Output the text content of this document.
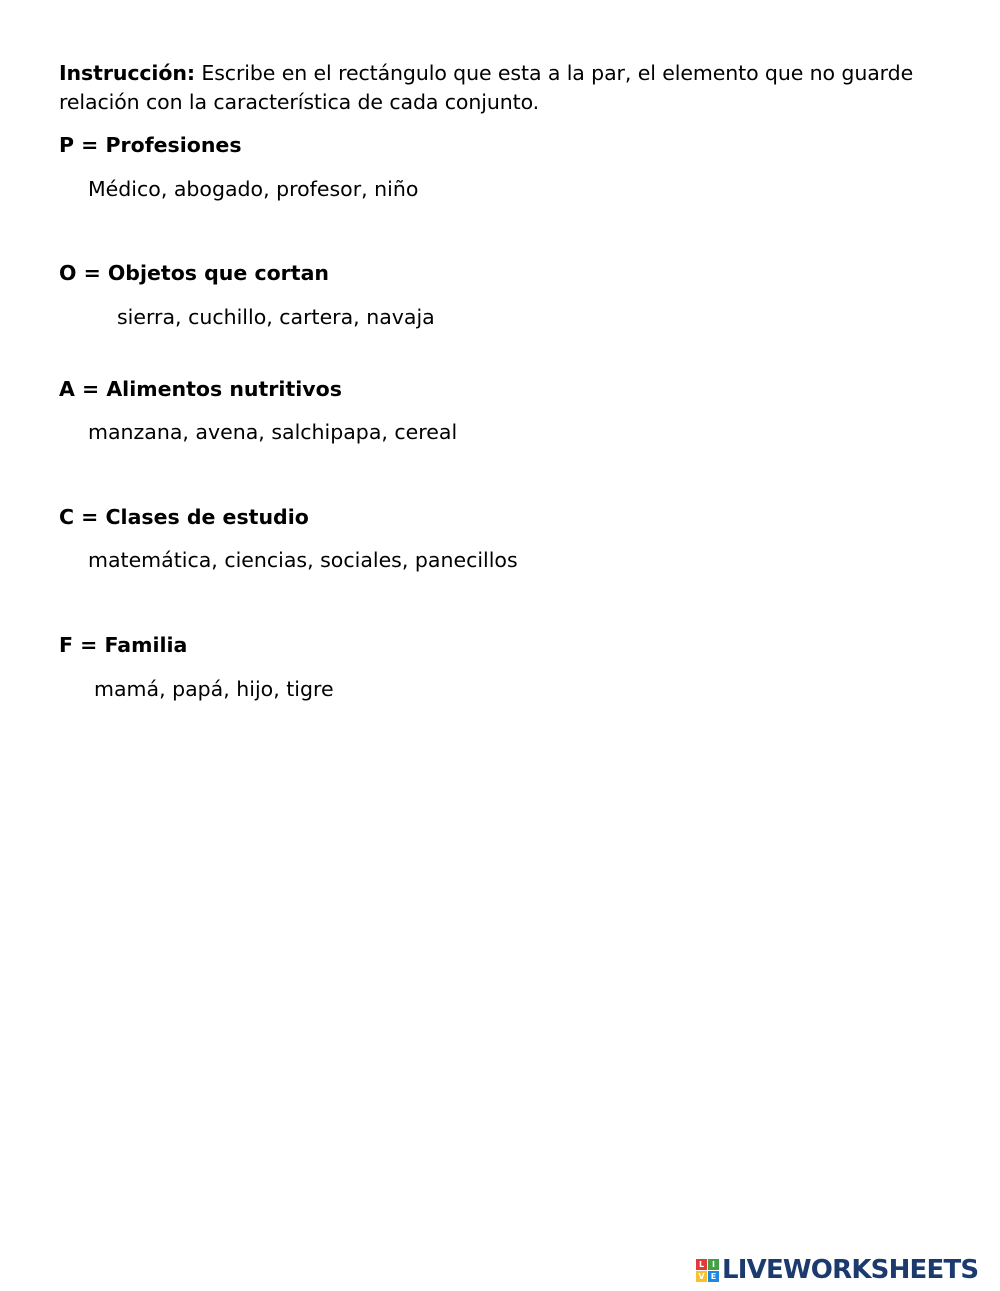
Instrucción: Escribe en el rectángulo que esta a la par, el elemento que no guarde relación con la característica de cada conjunto.

P = Profesiones
Médico, abogado, profesor, niño
O = Objetos que cortan
sierra, cuchillo, cartera, navaja
A = Alimentos nutritivos
manzana, avena, salchipapa, cereal
C = Clases de estudio
matemática, ciencias, sociales, panecillos
F = Familia
mamá, papá, hijo, tigre
L I
V E LIVEWORKSHEETS
